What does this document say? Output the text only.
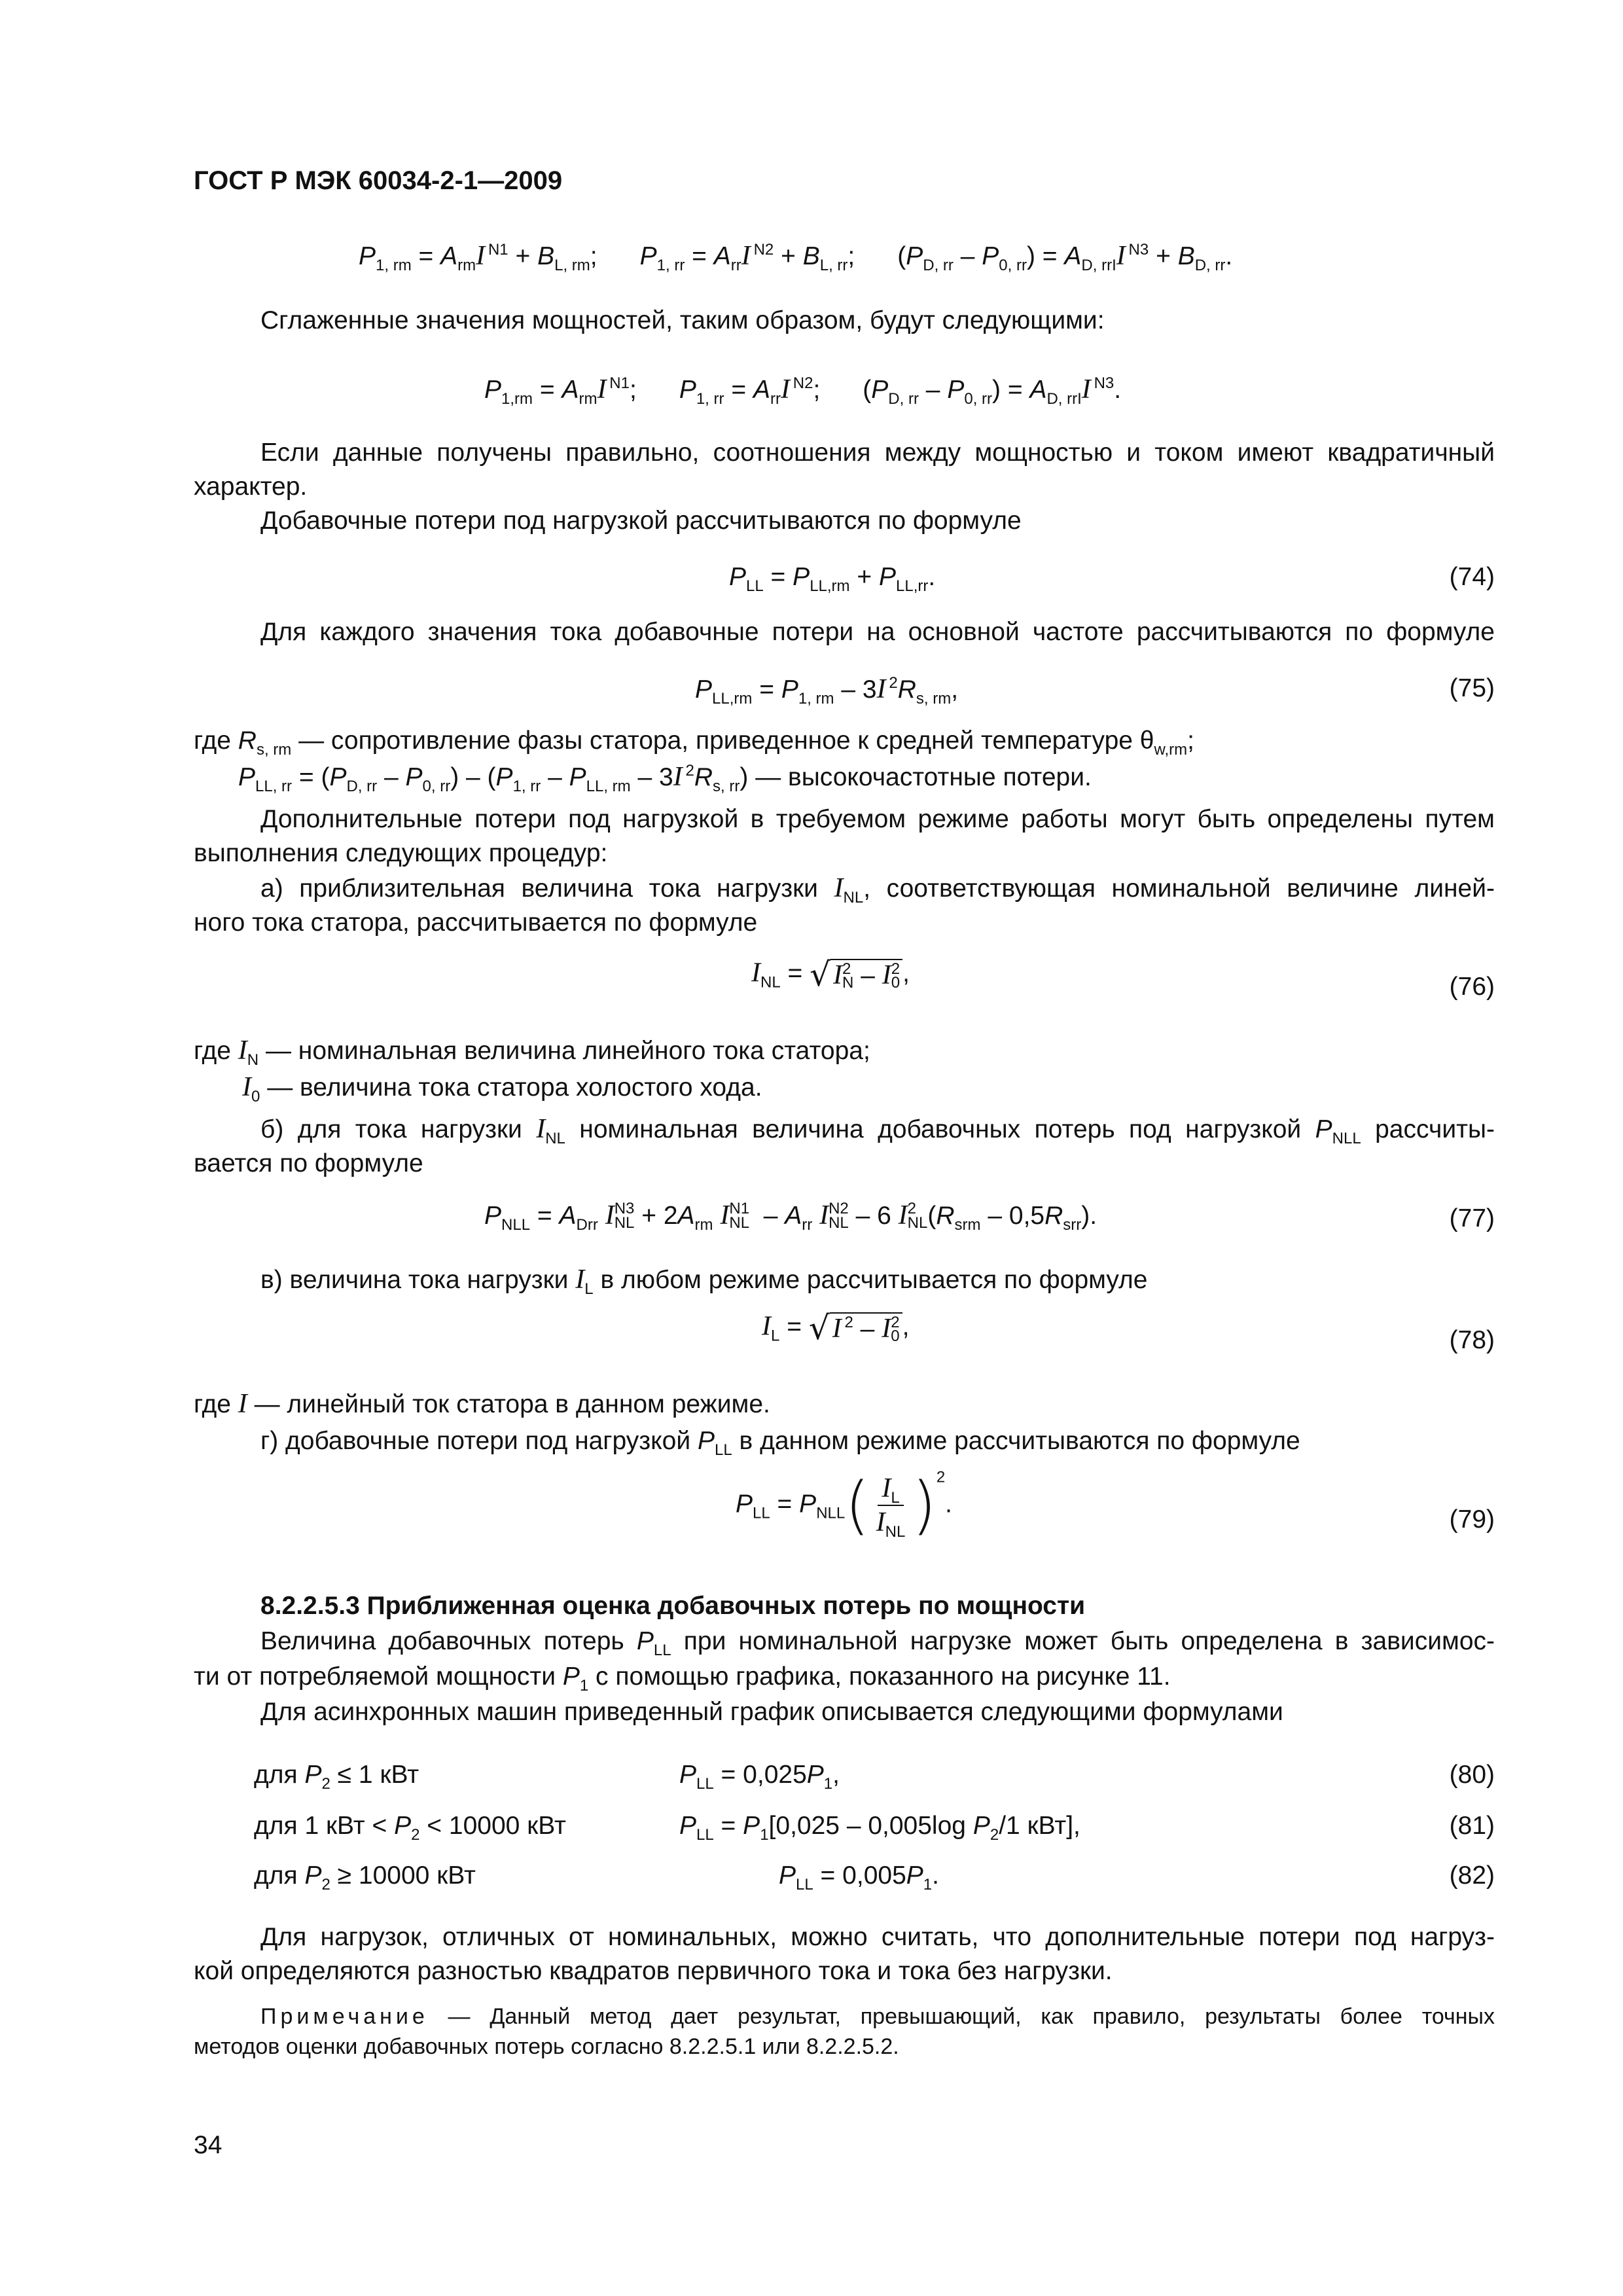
ГОСТ Р МЭК 60034-2-1—2009
$P_{1, rm} = A_{rm}I$ $^{N1} + B_{L, rm}$;      $P_{1, rr} = A_{rr}I$ $^{N2} + B_{L, rr}$;      $(P_{D, rr} - P_{0, rr}) = A_{D, rrI}I$ $^{N3} + B_{D, rr}$.
Сглаженные значения мощностей, таким образом, будут следующими:
$P_{1,rm} = A_{rm}I$ $^{N1}$;      $P_{1, rr} = A_{rr}I$ $^{N2}$;      $(P_{D, rr} - P_{0, rr}) = A_{D, rrI}I$ $^{N3}$.
Если данные получены правильно, соотношения между мощностью и током имеют квадратичный
характер.
Добавочные потери под нагрузкой рассчитываются по формуле
$P_{LL} = P_{LL,rm} + P_{LL,rr}$.	(74)
Для каждого значения тока добавочные потери на основной частоте рассчитываются по формуле
$P_{LL,rm} = P_{1, rm} - 3I$ $^2R_{s, rm}$,	(75)
где $R_{s, rm}$ — сопротивление фазы статора, приведенное к средней температуре $\theta_{w,rm}$;
$P_{LL, rr} = (P_{D, rr} - P_{0, rr}) - (P_{1, rr} - P_{LL, rm} - 3I$ $^2R_{s, rr}$) — высокочастотные потери.
Дополнительные потери под нагрузкой в требуемом режиме работы могут быть определены путем
выполнения следующих процедур:
а) приблизительная величина тока нагрузки $I_{NL}$, соответствующая номинальной величине линей-
ного тока статора, рассчитывается по формуле
$I_{NL} = √I$ 2
N – I 2
0 ,	(76)
где $I_N$ — номинальная величина линейного тока статора;
$I_0$ — величина тока статора холостого хода.
б) для тока нагрузки $I_{NL}$ номинальная величина добавочных потерь под нагрузкой $P_{NLL}$ рассчиты-
вается по формуле
$P_{NLL} = A_{Drr}$ I N3
NL + $2A_{rm}$ I N1
NL – $A_{rr}$ I N2
NL – 6 I 2
NL $(R_{srm} - 0,5R_{srr})$.	(77)
в) величина тока нагрузки $I_L$ в любом режиме рассчитывается по формуле
$I_L = √I$ $^2$ – I 2
0 ,	(78)
где I — линейный ток статора в данном режиме.
г) добавочные потери под нагрузкой $P_{LL}$ в данном режиме рассчитываются по формуле
$P_{LL} = P_{NLL}( \frac{I_L}{I_{NL}} )^2$.
(79)
8.2.2.5.3 Приближенная оценка добавочных потерь по мощности
Величина добавочных потерь $P_{LL}$ при номинальной нагрузке может быть определена в зависимос-
ти от потребляемой мощности $P_1$ с помощью графика, показанного на рисунке 11.
Для асинхронных машин приведенный график описывается следующими формулами
для $P_2 \le 1$ кВт	$P_{LL} = 0,025P_1$,	(80)
для 1 кВт < $P_2 < 10000$ кВт	$P_{LL} = P_1[0,025 - 0,005\log$ $P_2/1$ кВт],	(81)
для $P_2 \ge 10000$ кВт	$P_{LL} = 0,005P_1$.	(82)
Для нагрузок, отличных от номинальных, можно считать, что дополнительные потери под нагруз-
кой определяются разностью квадратов первичного тока и тока без нагрузки.
Примечание — Данный метод дает результат, превышающий, как правило, результаты более точных
методов оценки добавочных потерь согласно 8.2.2.5.1 или 8.2.2.5.2.
34
